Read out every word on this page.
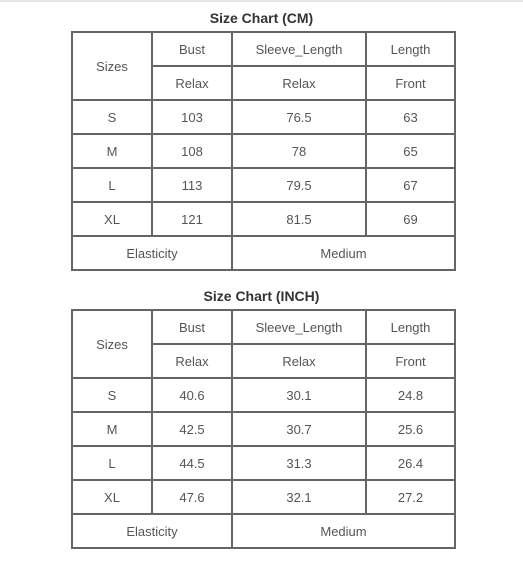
Size Chart (CM)
Sizes	Bust	Sleeve_Length	Length
	Relax	Relax	Front
S	103	76.5	63
M	108	78	65
L	113	79.5	67
XL	121	81.5	69
Elasticity		Medium	
Size Chart (INCH)
Sizes	Bust	Sleeve_Length	Length
	Relax	Relax	Front
S	40.6	30.1	24.8
M	42.5	30.7	25.6
L	44.5	31.3	26.4
XL	47.6	32.1	27.2
Elasticity		Medium	
